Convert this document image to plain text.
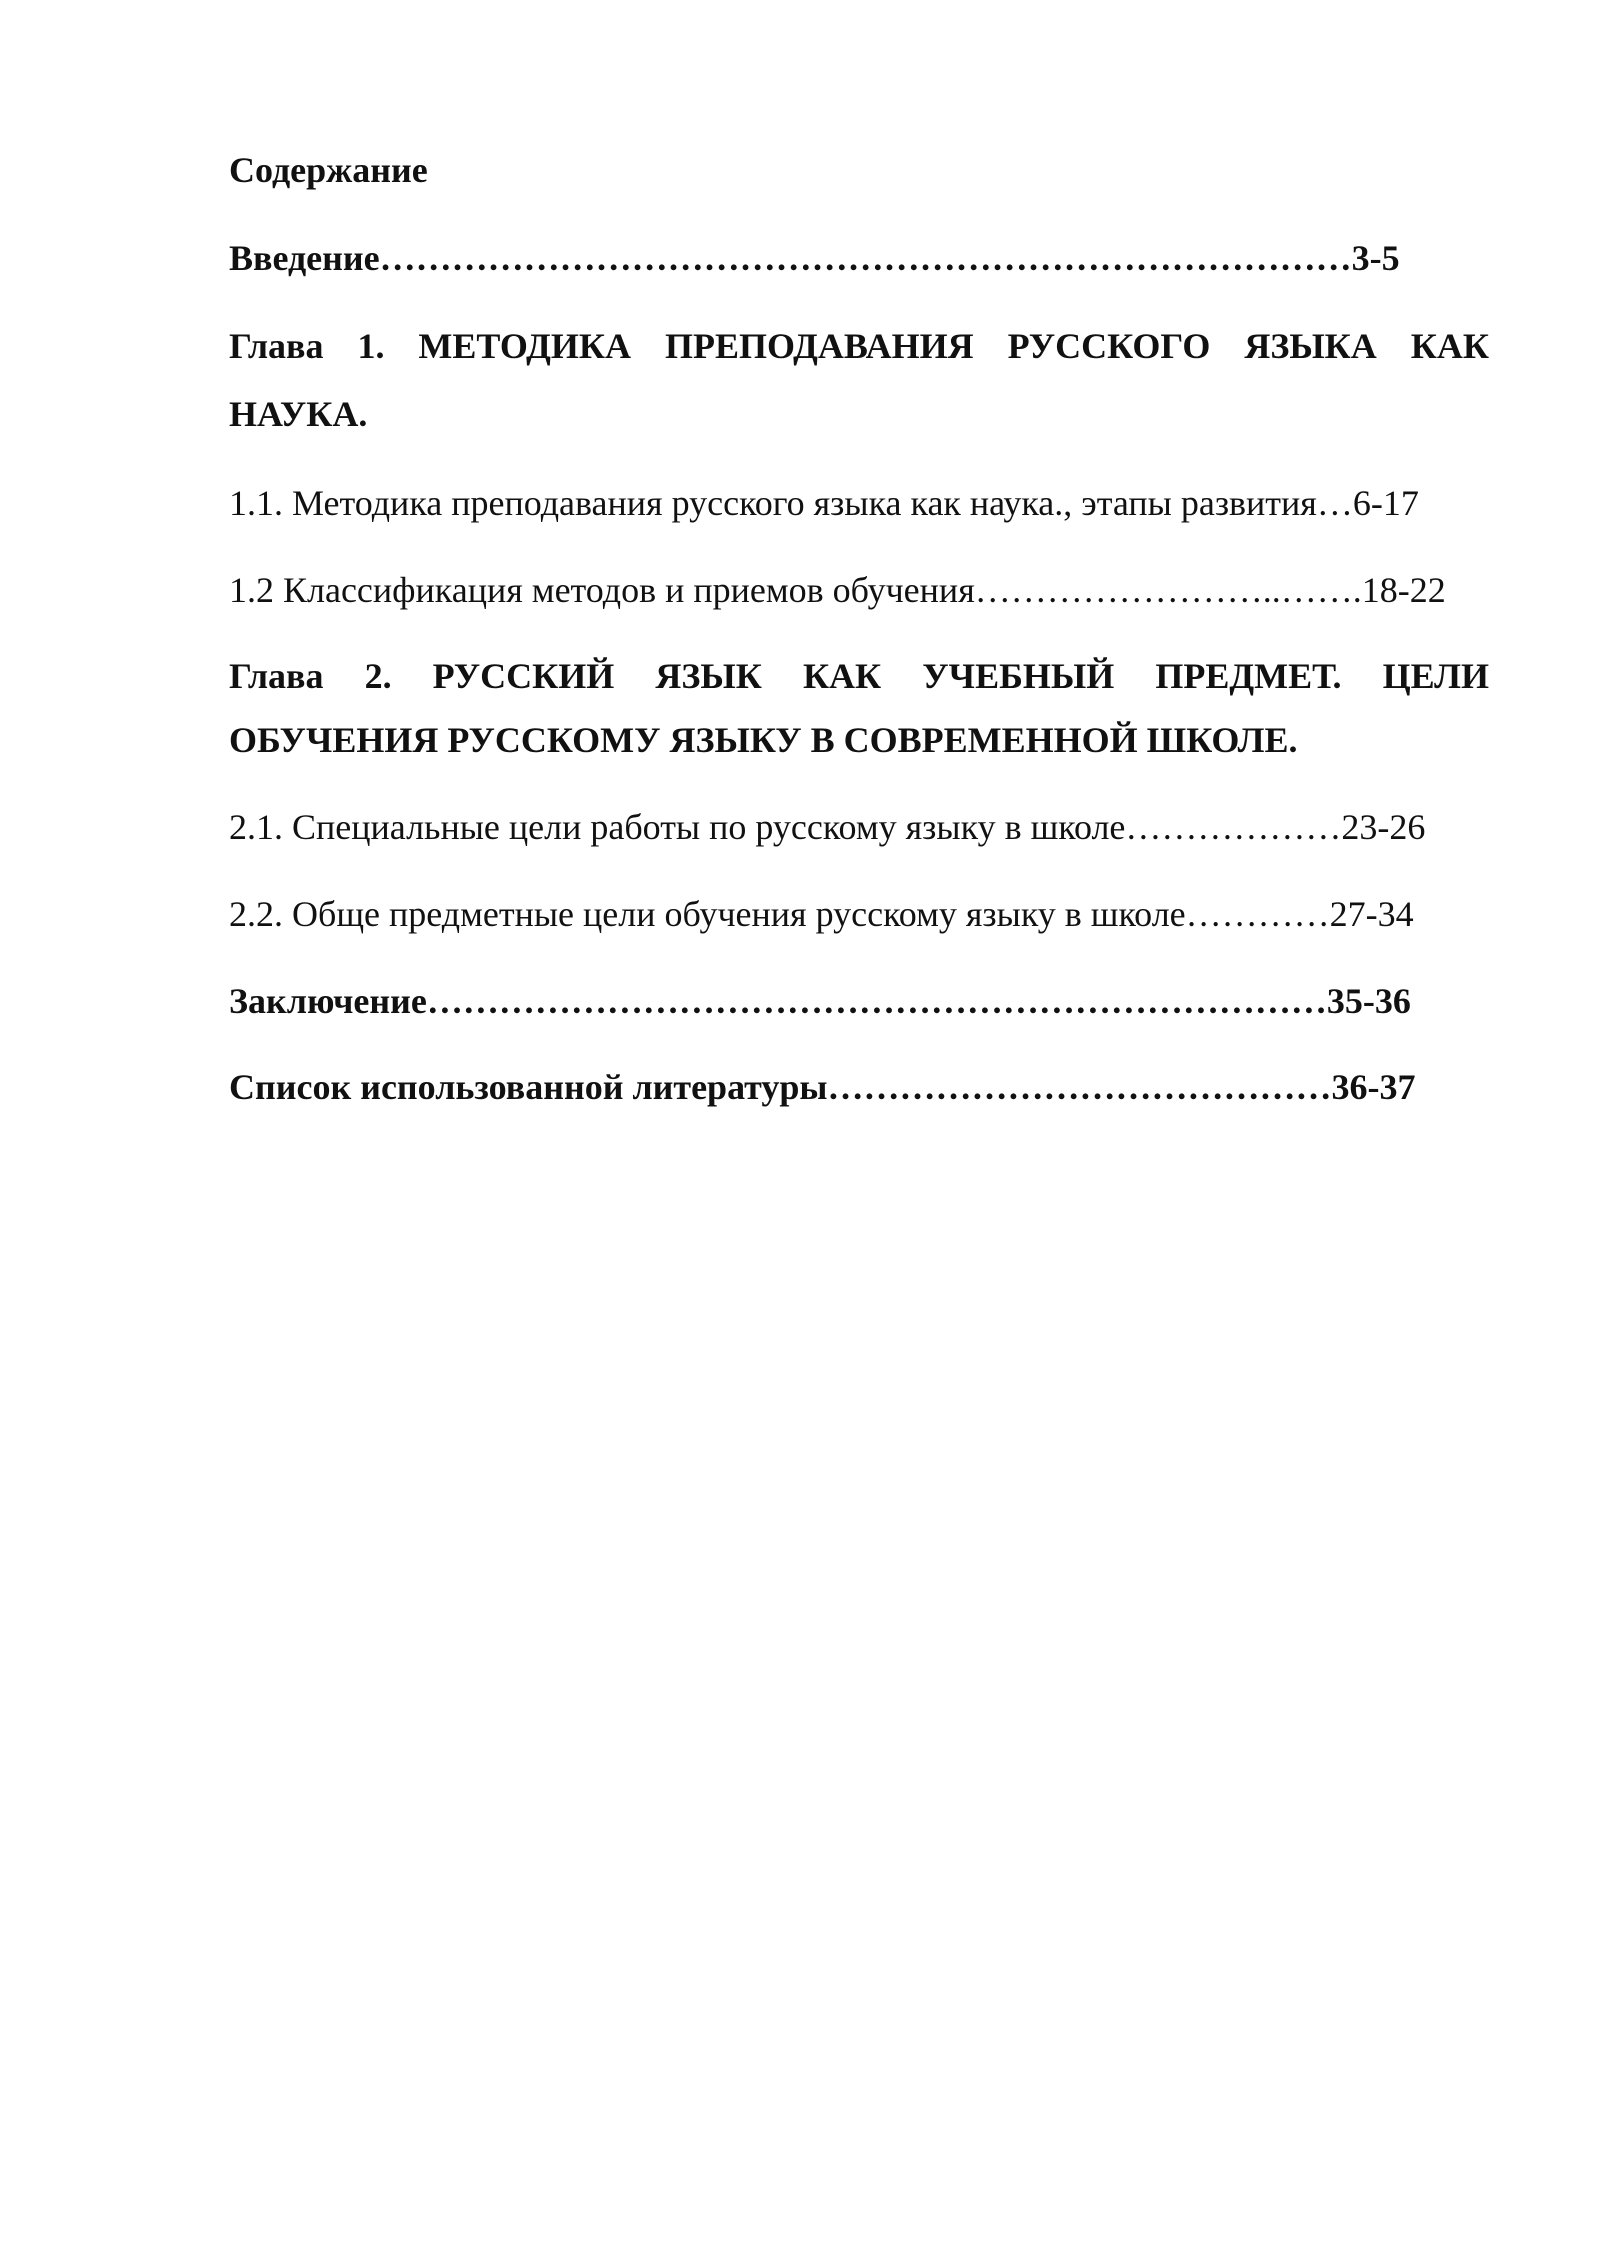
Содержание
Введение………………………………………………………………………3-5
Глава 1. МЕТОДИКА ПРЕПОДАВАНИЯ РУССКОГО ЯЗЫКА КАК
НАУКА.
1.1. Методика преподавания русского языка как наука., этапы развития…6-17
1.2 Классификация методов и приемов обучения……………………..…….18-22
Глава 2. РУССКИЙ ЯЗЫК КАК УЧЕБНЫЙ ПРЕДМЕТ. ЦЕЛИ
ОБУЧЕНИЯ РУССКОМУ ЯЗЫКУ В СОВРЕМЕННОЙ ШКОЛЕ.
2.1. Специальные цели работы по русскому языку в школе………………23-26
2.2. Обще предметные цели обучения русскому языку в школе…………27-34
Заключение…………………………………………………………………35-36
Список использованной литературы……………………………………36-37
